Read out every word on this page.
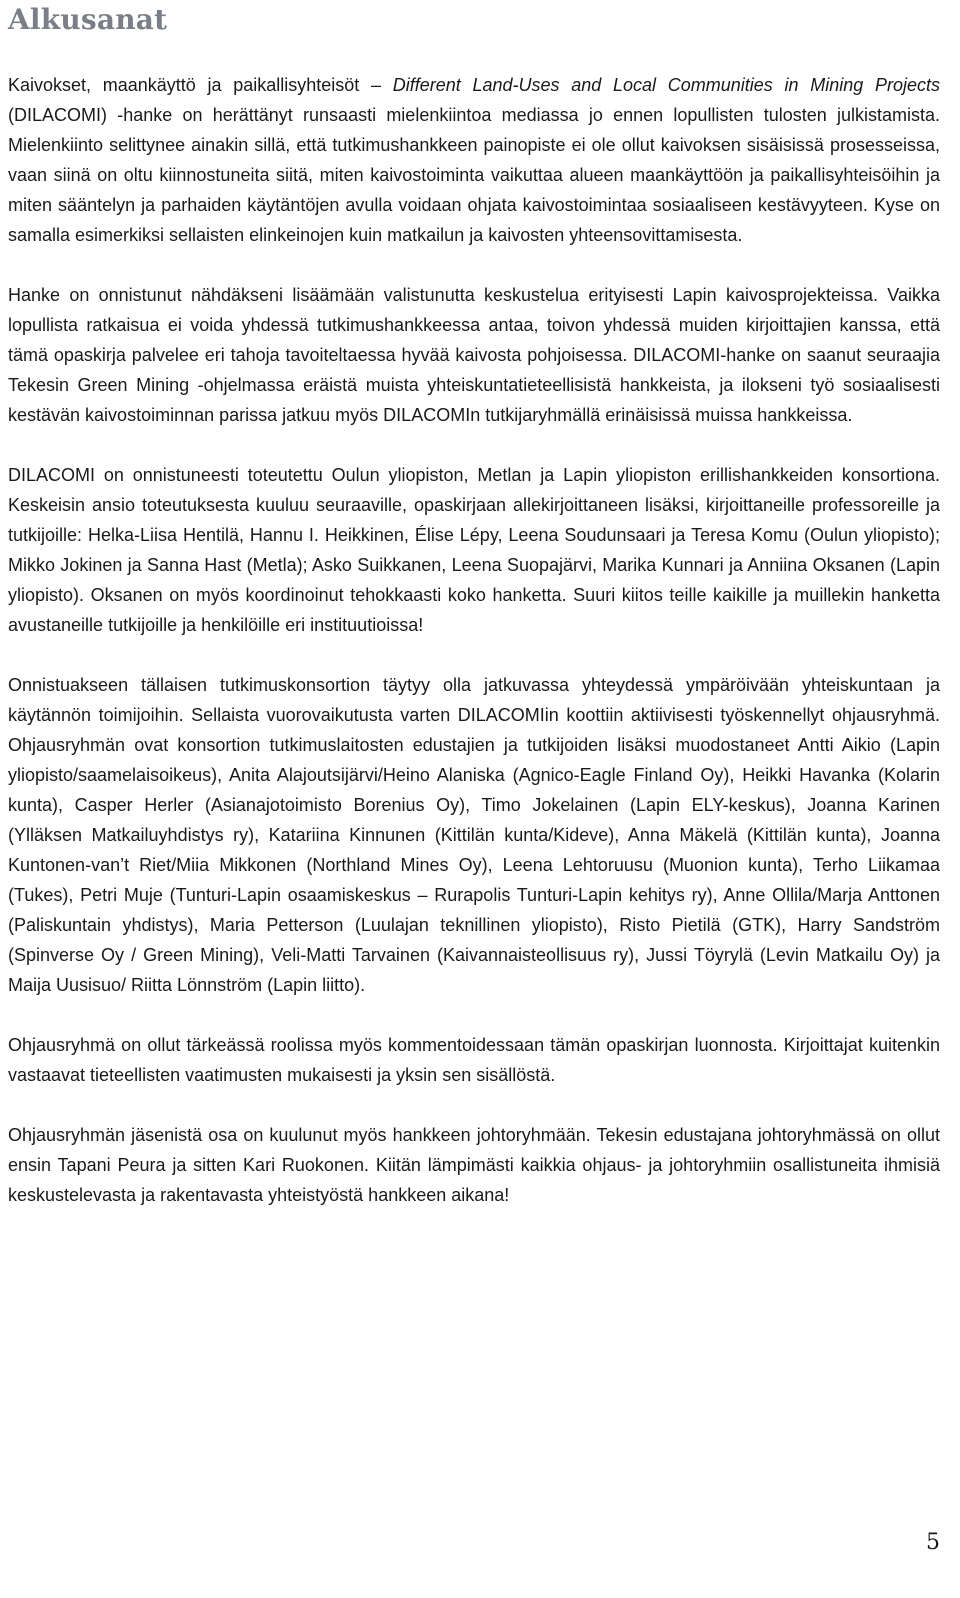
Alkusanat

Kaivokset, maankäyttö ja paikallisyhteisöt – Different Land-Uses and Local Communities in Mining Projects (DILACOMI) -hanke on herättänyt runsaasti mielenkiintoa mediassa jo ennen lopullisten tulosten julkistamista. Mielenkiinto selittynee ainakin sillä, että tutkimushankkeen painopiste ei ole ollut kaivoksen sisäisissä prosesseissa, vaan siinä on oltu kiinnostuneita siitä, miten kaivostoiminta vaikuttaa alueen maankäyttöön ja paikallisyhteisöihin ja miten sääntelyn ja parhaiden käytäntöjen avulla voidaan ohjata kaivostoimintaa sosiaaliseen kestävyyteen. Kyse on samalla esimerkiksi sellaisten elinkeinojen kuin matkailun ja kaivosten yhteensovittamisesta.

Hanke on onnistunut nähdäkseni lisäämään valistunutta keskustelua erityisesti Lapin kaivosprojekteissa. Vaikka lopullista ratkaisua ei voida yhdessä tutkimushankkeessa antaa, toivon yhdessä muiden kirjoittajien kanssa, että tämä opaskirja palvelee eri tahoja tavoiteltaessa hyvää kaivosta pohjoisessa. DILACOMI-hanke on saanut seuraajia Tekesin Green Mining -ohjelmassa eräistä muista yhteiskuntatieteellisistä hankkeista, ja ilokseni työ sosiaalisesti kestävän kaivostoiminnan parissa jatkuu myös DILACOMIn tutkijaryhmällä erinäisissä muissa hankkeissa.

DILACOMI on onnistuneesti toteutettu Oulun yliopiston, Metlan ja Lapin yliopiston erillishankkeiden konsortiona. Keskeisin ansio toteutuksesta kuuluu seuraaville, opaskirjaan allekirjoittaneen lisäksi, kirjoittaneille professoreille ja tutkijoille: Helka-Liisa Hentilä, Hannu I. Heikkinen, Élise Lépy, Leena Soudunsaari ja Teresa Komu (Oulun yliopisto); Mikko Jokinen ja Sanna Hast (Metla); Asko Suikkanen, Leena Suopajärvi, Marika Kunnari ja Anniina Oksanen (Lapin yliopisto). Oksanen on myös koordinoinut tehokkaasti koko hanketta. Suuri kiitos teille kaikille ja muillekin hanketta avustaneille tutkijoille ja henkilöille eri instituutioissa!

Onnistuakseen tällaisen tutkimuskonsortion täytyy olla jatkuvassa yhteydessä ympäröivään yhteiskuntaan ja käytännön toimijoihin. Sellaista vuorovaikutusta varten DILACOMIin koottiin aktiivisesti työskennellyt ohjausryhmä. Ohjausryhmän ovat konsortion tutkimuslaitosten edustajien ja tutkijoiden lisäksi muodostaneet Antti Aikio (Lapin yliopisto/saamelaisoikeus), Anita Alajoutsijärvi/Heino Alaniska (Agnico-Eagle Finland Oy), Heikki Havanka (Kolarin kunta), Casper Herler (Asianajotoimisto Borenius Oy), Timo Jokelainen (Lapin ELY-keskus), Joanna Karinen (Ylläksen Matkailuyhdistys ry), Katariina Kinnunen (Kittilän kunta/Kideve), Anna Mäkelä (Kittilän kunta), Joanna Kuntonen-van’t Riet/Miia Mikkonen (Northland Mines Oy), Leena Lehtoruusu (Muonion kunta), Terho Liikamaa (Tukes), Petri Muje (Tunturi-Lapin osaamiskeskus – Rurapolis Tunturi-Lapin kehitys ry), Anne Ollila/Marja Anttonen (Paliskuntain yhdistys), Maria Petterson (Luulajan teknillinen yliopisto), Risto Pietilä (GTK), Harry Sandström (Spinverse Oy / Green Mining), Veli-Matti Tarvainen (Kaivannaisteollisuus ry), Jussi Töyrylä (Levin Matkailu Oy) ja Maija Uusisuo/ Riitta Lönnström (Lapin liitto).

Ohjausryhmä on ollut tärkeässä roolissa myös kommentoidessaan tämän opaskirjan luonnosta. Kirjoittajat kuitenkin vastaavat tieteellisten vaatimusten mukaisesti ja yksin sen sisällöstä.

Ohjausryhmän jäsenistä osa on kuulunut myös hankkeen johtoryhmään. Tekesin edustajana johtoryhmässä on ollut ensin Tapani Peura ja sitten Kari Ruokonen. Kiitän lämpimästi kaikkia ohjaus- ja johtoryhmiin osallistuneita ihmisiä keskustelevasta ja rakentavasta yhteistyöstä hankkeen aikana!

5
